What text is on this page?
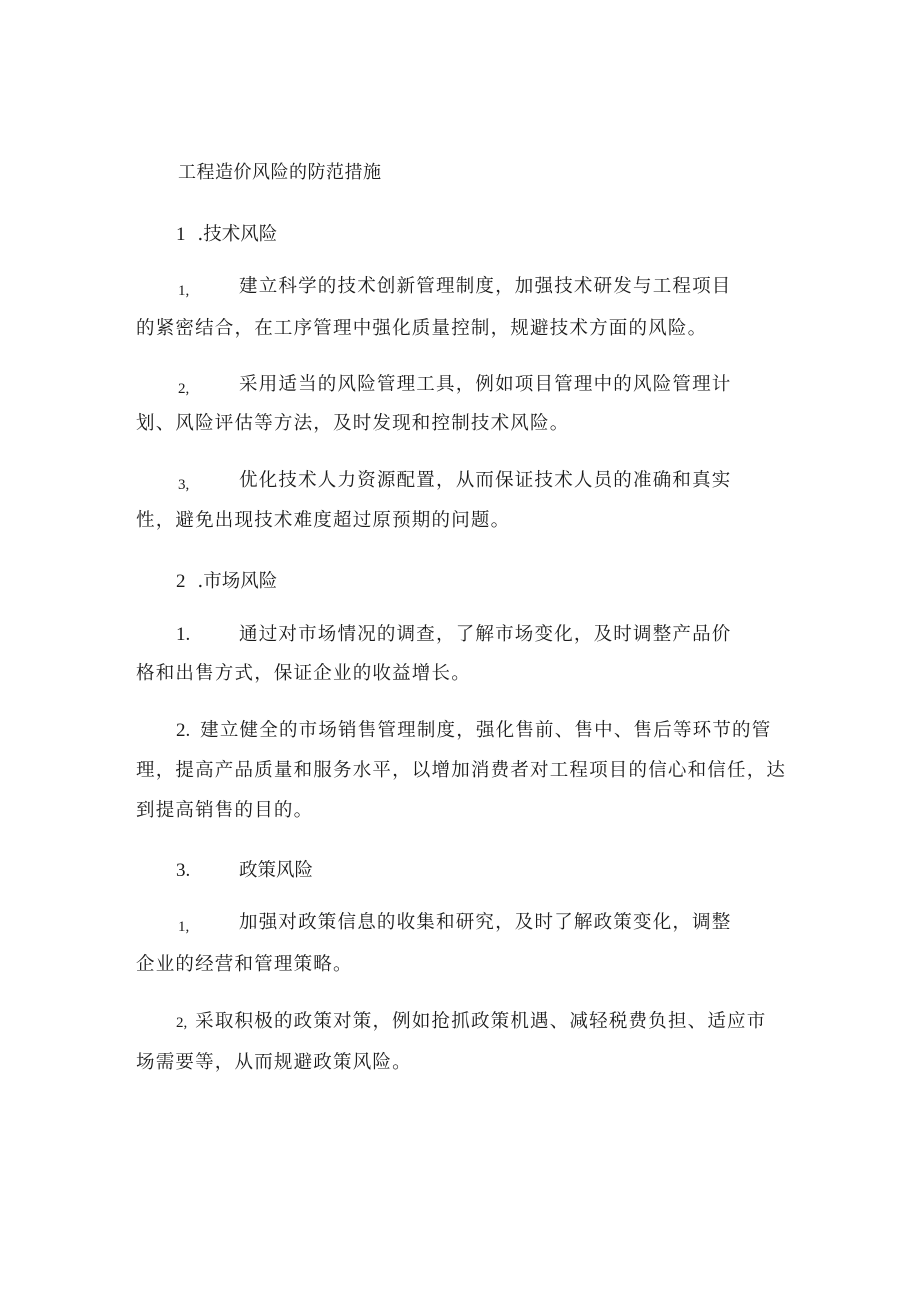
工程造价风险的防范措施
1 .技术风险
1,	建立科学的技术创新管理制度，加强技术研发与工程项目
的紧密结合，在工序管理中强化质量控制，规避技术方面的风险。
2,	采用适当的风险管理工具，例如项目管理中的风险管理计
划、风险评估等方法，及时发现和控制技术风险。
3,	优化技术人力资源配置，从而保证技术人员的准确和真实
性，避免出现技术难度超过原预期的问题。
2 .市场风险
1.	通过对市场情况的调查，了解市场变化，及时调整产品价
格和出售方式，保证企业的收益增长。
2. 建立健全的市场销售管理制度，强化售前、售中、售后等环节的管
理，提高产品质量和服务水平，以增加消费者对工程项目的信心和信任，达
到提高销售的目的。
3.	政策风险
1,	加强对政策信息的收集和研究，及时了解政策变化，调整
企业的经营和管理策略。
2, 采取积极的政策对策，例如抢抓政策机遇、减轻税费负担、适应市
场需要等，从而规避政策风险。
